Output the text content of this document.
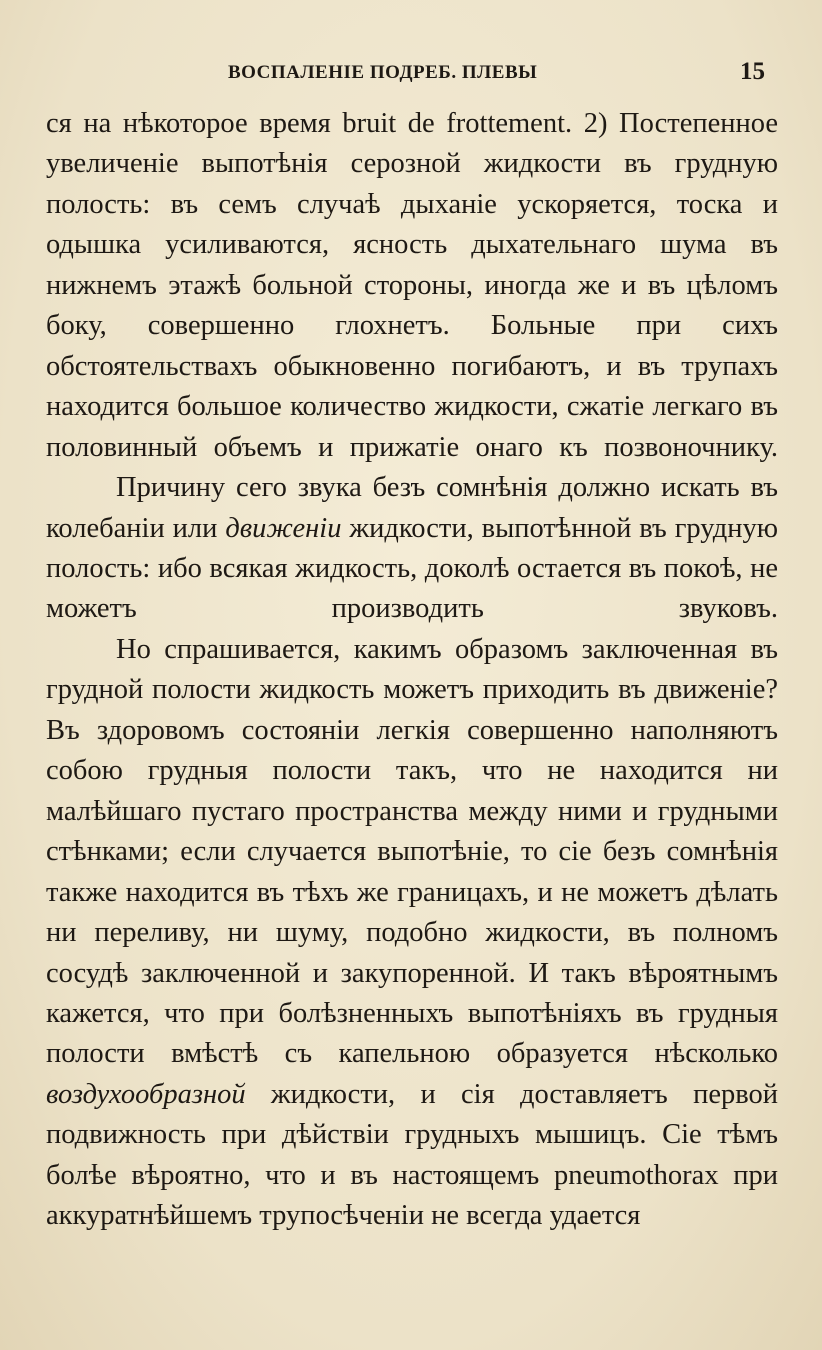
ВОСПАЛЕНІЕ ПОДРЕБ. ПЛЕВЫ	15

ся на нѣкоторое время bruit de frottement. 2) Постепенное увеличеніе выпотѣнія серозной жидкости въ грудную полость: въ семъ случаѣ дыханіе ускоряется, тоска и одышка усиливаются, ясность дыхательнаго шума въ нижнемъ этажѣ больной стороны, иногда же и въ цѣломъ боку, совершенно глохнетъ. Больные при сихъ обстоятельствахъ обыкновенно погибаютъ, и въ трупахъ находится большое количество жидкости, сжатіе легкаго въ половинный объемъ и прижатіе онаго къ позвоночнику.

Причину сего звука безъ сомнѣнія должно искать въ колебаніи или движеніи жидкости, выпотѣнной въ грудную полость: ибо всякая жидкость, доколѣ остается въ покоѣ, не можетъ производить звуковъ.

Но спрашивается, какимъ образомъ заключенная въ грудной полости жидкость можетъ приходить въ движеніе? Въ здоровомъ состояніи легкія совершенно наполняютъ собою грудныя полости такъ, что не находится ни малѣйшаго пустаго пространства между ними и грудными стѣнками; если случается выпотѣніе, то сіе безъ сомнѣнія также находится въ тѣхъ же границахъ, и не можетъ дѣлать ни переливу, ни шуму, подобно жидкости, въ полномъ сосудѣ заключенной и закупоренной. И такъ вѣроятнымъ кажется, что при болѣзненныхъ выпотѣніяхъ въ грудныя полости вмѣстѣ съ капельною образуется нѣсколько воздухообразной жидкости, и сія доставляетъ первой подвижность при дѣйствіи грудныхъ мышицъ. Сіе тѣмъ болѣе вѣроятно, что и въ настоящемъ pneumothorax при аккуратнѣйшемъ трупосѣченіи не всегда удается
